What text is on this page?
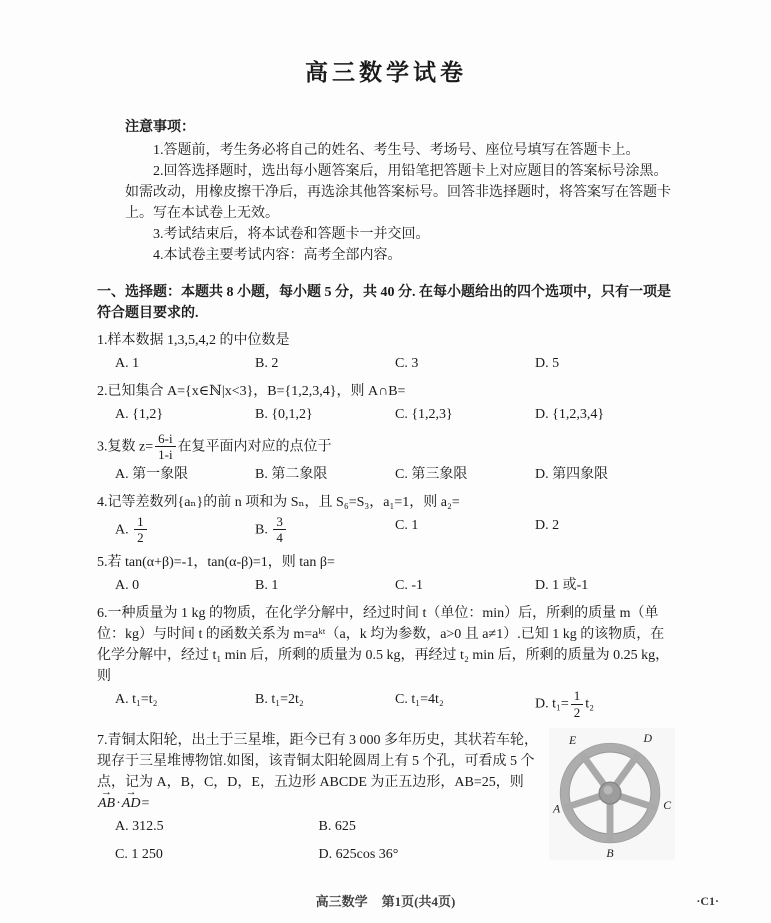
高三数学试卷

注意事项：

1.答题前，考生务必将自己的姓名、考生号、考场号、座位号填写在答题卡上。

2.回答选择题时，选出每小题答案后，用铅笔把答题卡上对应题目的答案标号涂黑。如需改动，用橡皮擦干净后，再选涂其他答案标号。回答非选择题时，将答案写在答题卡上。写在本试卷上无效。

3.考试结束后，将本试卷和答题卡一并交回。

4.本试卷主要考试内容：高考全部内容。

一、选择题：本题共 8 小题，每小题 5 分，共 40 分. 在每小题给出的四个选项中，只有一项是符合题目要求的.

1.样本数据 1,3,5,4,2 的中位数是

A. 1	B. 2	C. 3	D. 5

2.已知集合 A={x∈ℕ|x<3}，B={1,2,3,4}，则 A∩B=

A. {1,2}	B. {0,1,2}	C. {1,2,3}	D. {1,2,3,4}

3.复数 $z= \frac{6-i}{1-i}$ 在复平面内对应的点位于

A. 第一象限	B. 第二象限	C. 第三象限	D. 第四象限

4.记等差数列{aₙ}的前 n 项和为 Sₙ，且 S₆=S₃，a₁=1，则 a₂=

A. $\frac{1}{2}$	B. $\frac{3}{4}$	C. 1	D. 2

5.若 tan(α+β)=-1，tan(α-β)=1，则 tan β=

A. 0	B. 1	C. -1	D. 1 或-1

6.一种质量为 1 kg 的物质，在化学分解中，经过时间 t（单位：min）后，所剩的质量 m（单位：kg）与时间 t 的函数关系为 m=aᵏᵗ（a，k 均为参数，a>0 且 a≠1）.已知 1 kg 的该物质，在化学分解中，经过 t₁ min 后，所剩的质量为 0.5 kg，再经过 t₂ min 后，所剩的质量为 0.25 kg，则

A. t₁=t₂	B. t₁=2t₂	C. t₁=4t₂	D. $t_1= \frac{1}{2} t_2$
A
B
C
D
E

7.青铜太阳轮，出土于三星堆，距今已有 3 000 多年历史，其状若车轮，现存于三星堆博物馆.如图，该青铜太阳轮圆周上有 5 个孔，可看成 5 个点，记为 A，B，C，D，E，五边形 ABCDE 为正五边形，AB=25，则 → AB·→ AD=

A. 312.5	B. 625
C. 1 250	D. 625cos 36°
高三数学 第1页(共4页)	·C1·
